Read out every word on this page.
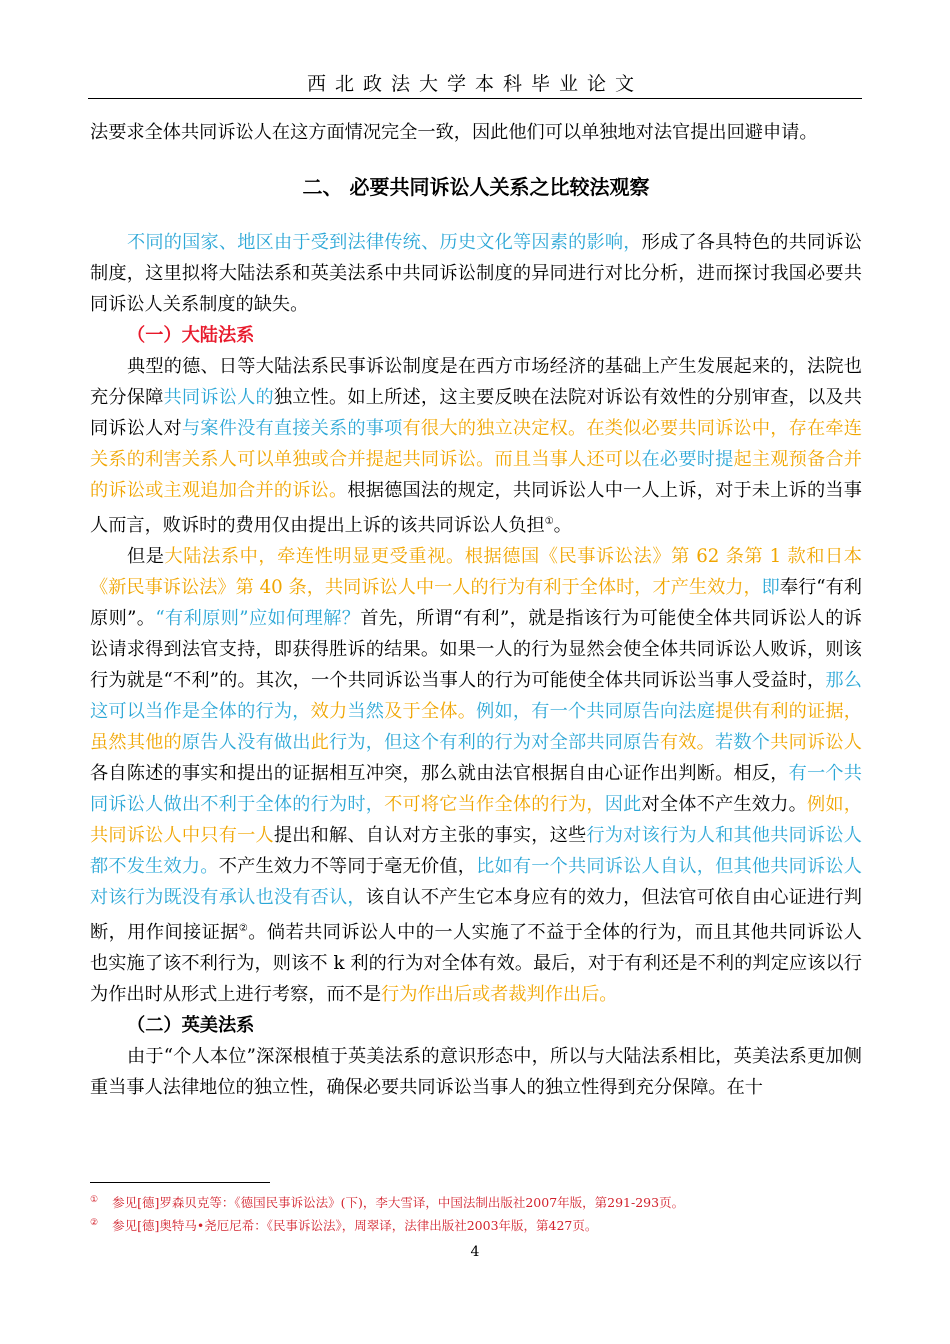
西北政法大学本科毕业论文

法要求全体共同诉讼人在这方面情况完全一致，因此他们可以单独地对法官提出回避申请。

二、 必要共同诉讼人关系之比较法观察

不同的国家、地区由于受到法律传统、历史文化等因素的影响，形成了各具特色的共同诉讼制度，这里拟将大陆法系和英美法系中共同诉讼制度的异同进行对比分析，进而探讨我国必要共同诉讼人关系制度的缺失。

（一）大陆法系

典型的德、日等大陆法系民事诉讼制度是在西方市场经济的基础上产生发展起来的，法院也充分保障共同诉讼人的独立性。如上所述，这主要反映在法院对诉讼有效性的分别审查，以及共同诉讼人对与案件没有直接关系的事项有很大的独立决定权。在类似必要共同诉讼中，存在牵连关系的利害关系人可以单独或合并提起共同诉讼。而且当事人还可以在必要时提起主观预备合并的诉讼或主观追加合并的诉讼。根据德国法的规定，共同诉讼人中一人上诉，对于未上诉的当事人而言，败诉时的费用仅由提出上诉的该共同诉讼人负担①。

但是大陆法系中，牵连性明显更受重视。根据德国《民事诉讼法》第 62 条第 1 款和日本《新民事诉讼法》第 40 条，共同诉讼人中一人的行为有利于全体时，才产生效力，即奉行“有利原则”。“有利原则”应如何理解？首先，所谓“有利”，就是指该行为可能使全体共同诉讼人的诉讼请求得到法官支持，即获得胜诉的结果。如果一人的行为显然会使全体共同诉讼人败诉，则该行为就是“不利”的。其次，一个共同诉讼当事人的行为可能使全体共同诉讼当事人受益时，那么这可以当作是全体的行为，效力当然及于全体。例如，有一个共同原告向法庭提供有利的证据，虽然其他的原告人没有做出此行为，但这个有利的行为对全部共同原告有效。若数个共同诉讼人各自陈述的事实和提出的证据相互冲突，那么就由法官根据自由心证作出判断。相反，有一个共同诉讼人做出不利于全体的行为时，不可将它当作全体的行为，因此对全体不产生效力。例如，共同诉讼人中只有一人提出和解、自认对方主张的事实，这些行为对该行为人和其他共同诉讼人都不发生效力。不产生效力不等同于毫无价值，比如有一个共同诉讼人自认，但其他共同诉讼人对该行为既没有承认也没有否认，该自认不产生它本身应有的效力，但法官可依自由心证进行判断，用作间接证据②。倘若共同诉讼人中的一人实施了不益于全体的行为，而且其他共同诉讼人也实施了该不利行为，则该不 k 利的行为对全体有效。最后，对于有利还是不利的判定应该以行为作出时从形式上进行考察，而不是行为作出后或者裁判作出后。

（二）英美法系

由于“个人本位”深深根植于英美法系的意识形态中，所以与大陆法系相比，英美法系更加侧重当事人法律地位的独立性，确保必要共同诉讼当事人的独立性得到充分保障。在十

① 参见[德]罗森贝克等：《德国民事诉讼法》(下)，李大雪译，中国法制出版社2007年版，第291-293页。
② 参见[德]奥特马•尧厄尼希：《民事诉讼法》，周翠译，法律出版社2003年版，第427页。
4
